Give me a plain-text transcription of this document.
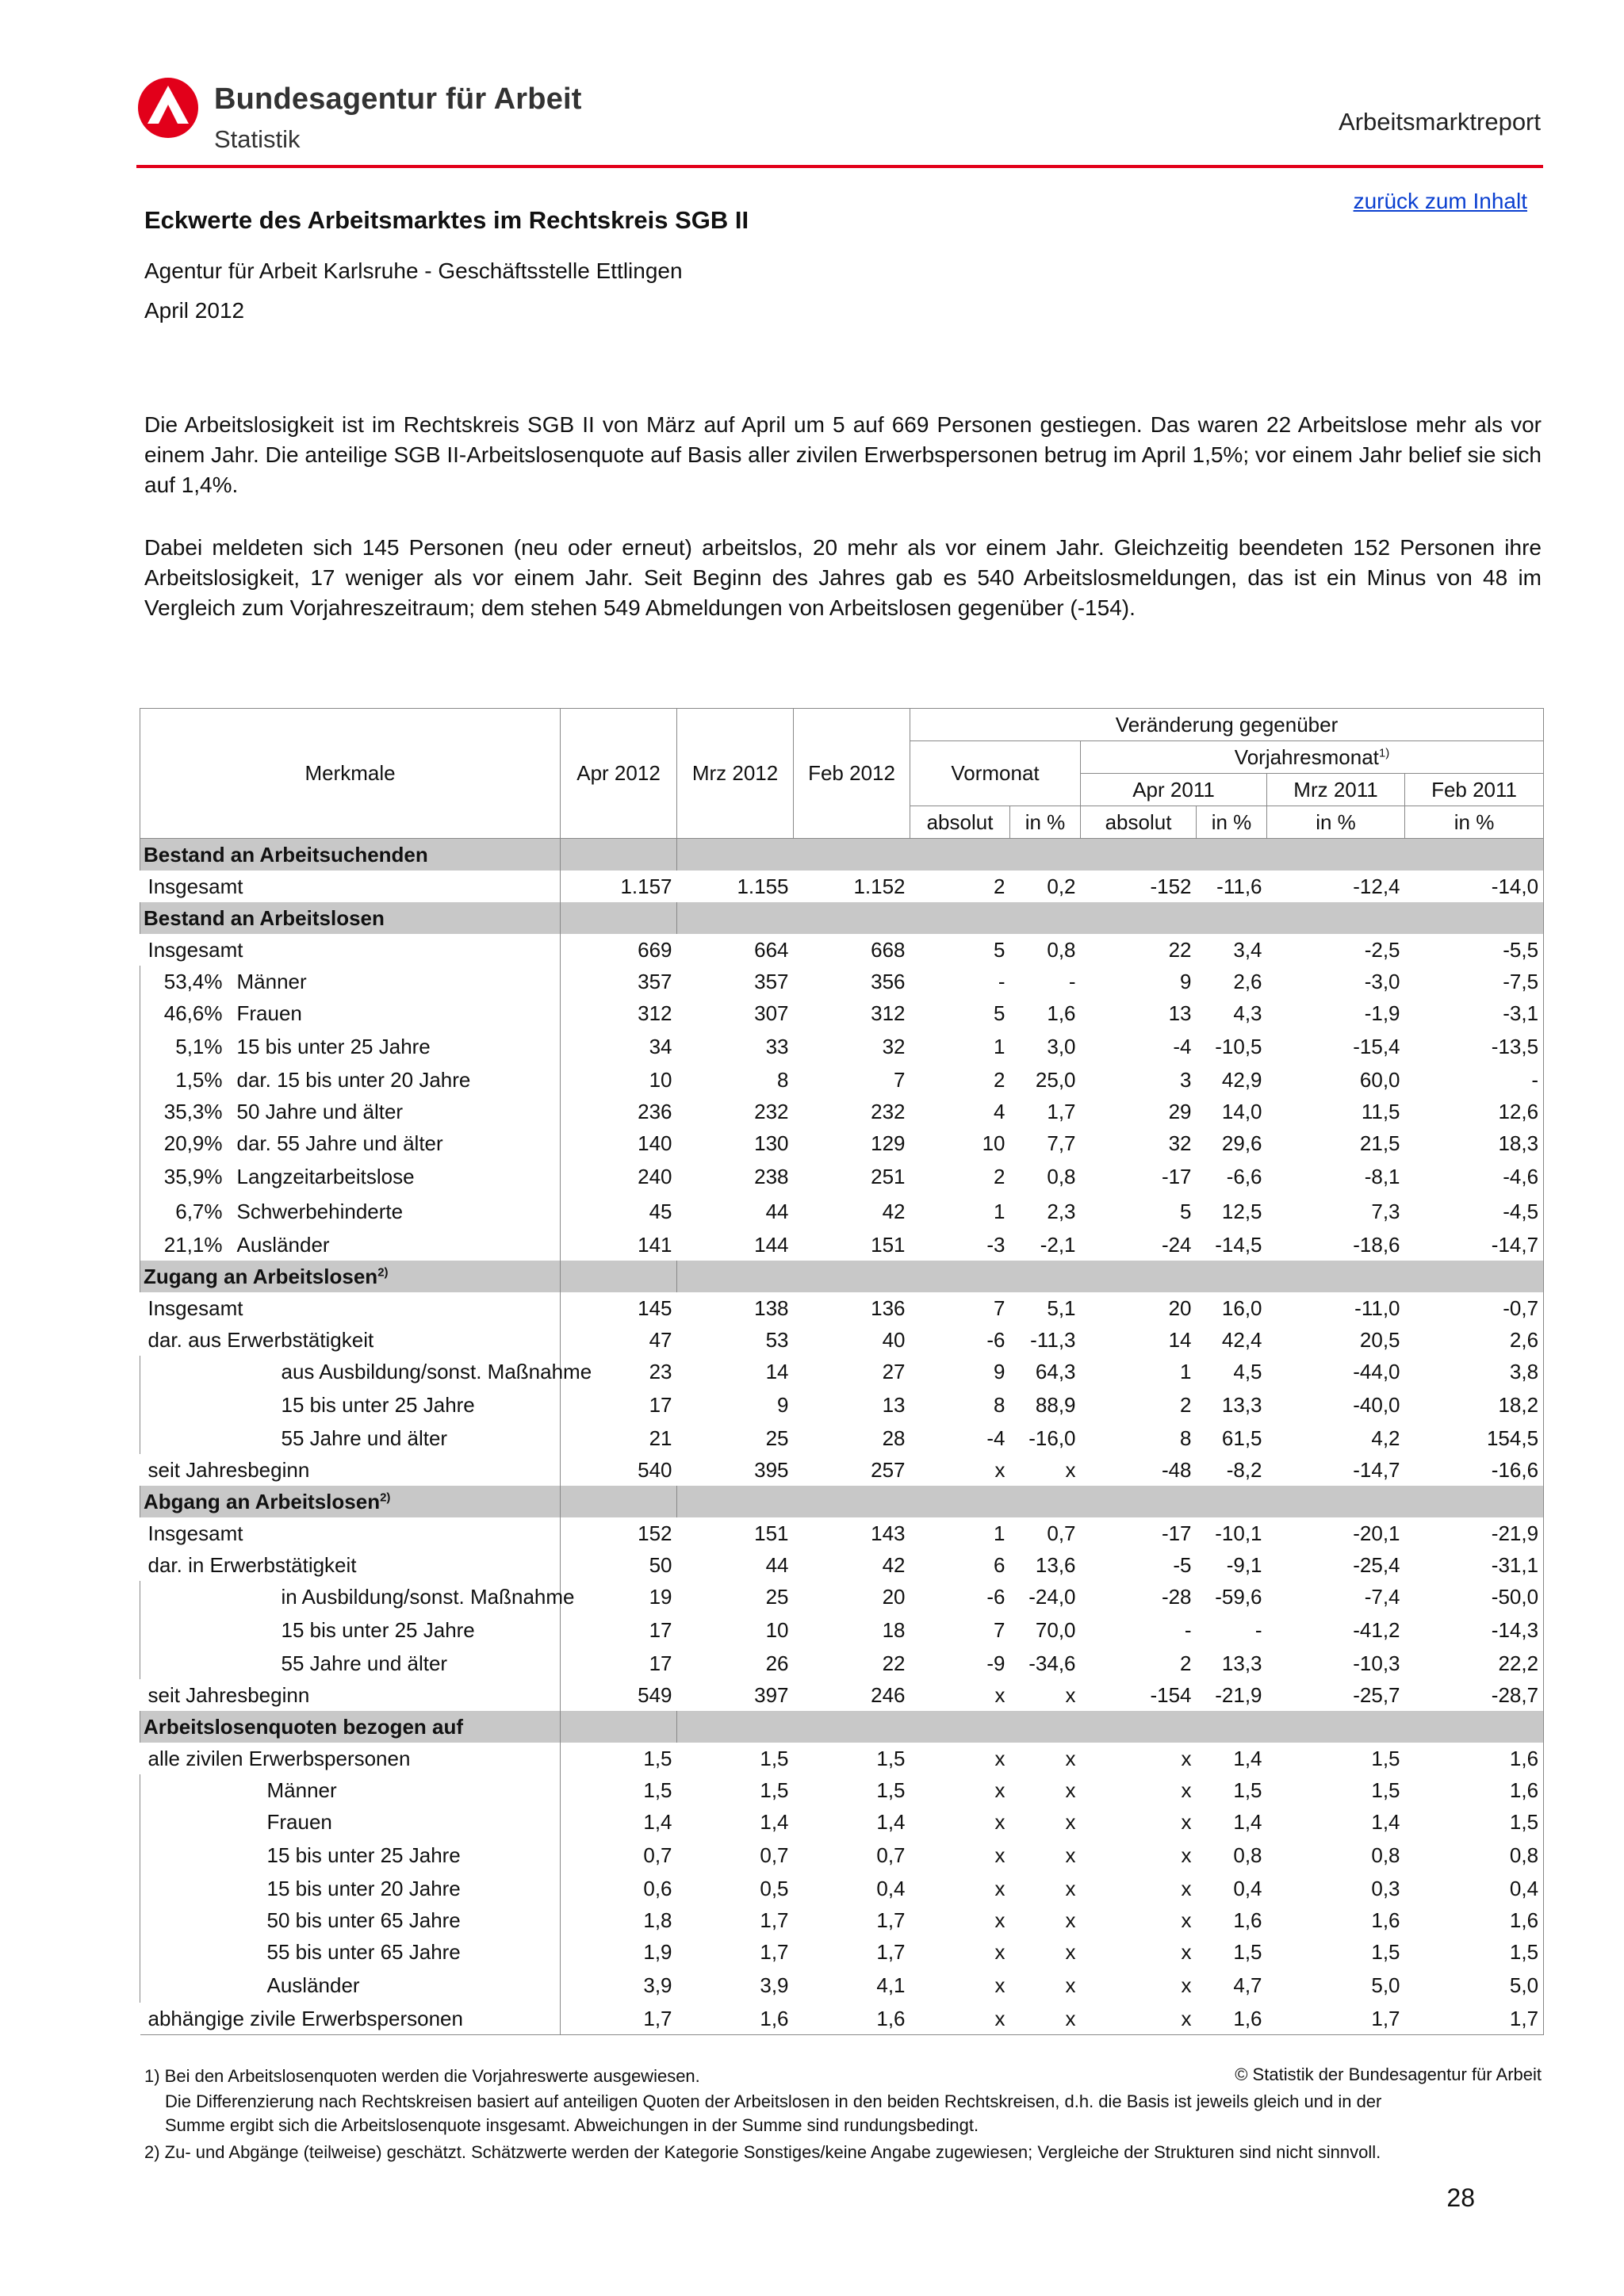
Bundesagentur für Arbeit
Statistik
Arbeitsmarktreport
zurück zum Inhalt
Eckwerte des Arbeitsmarktes im Rechtskreis SGB II
Agentur für Arbeit Karlsruhe - Geschäftsstelle Ettlingen
April 2012
Die Arbeitslosigkeit ist im Rechtskreis SGB II von März auf April um 5 auf 669 Personen gestiegen. Das waren 22 Arbeitslose mehr als vor einem Jahr. Die anteilige SGB II-Arbeitslosenquote auf Basis aller zivilen Erwerbspersonen betrug im April 1,5%; vor einem Jahr belief sie sich auf 1,4%.
Dabei meldeten sich 145 Personen (neu oder erneut) arbeitslos, 20 mehr als vor einem Jahr. Gleichzeitig beendeten 152 Personen ihre Arbeitslosigkeit, 17 weniger als vor einem Jahr. Seit Beginn des Jahres gab es 540 Arbeitslosmeldungen, das ist ein Minus von 48 im Vergleich zum Vorjahreszeitraum; dem stehen 549 Abmeldungen von Arbeitslosen gegenüber (-154).
Merkmale		Apr 2012	Mrz 2012	Feb 2012	Veränderung gegenüber					
					Vormonat		Vorjahresmonat$^{1)}$
							Apr 2011		Mrz 2011	Feb 2011
					absolut	in %	absolut	in %	in %	in %
Bestand an Arbeitsuchenden										
Insgesamt		1.157	1.155	1.152	2	0,2	-152	-11,6	-12,4	-14,0
Bestand an Arbeitslosen										
Insgesamt		669	664	668	5	0,8	22	3,4	-2,5	-5,5
53,4%	Männer	357	357	356	-	-	9	2,6	-3,0	-7,5
46,6%	Frauen	312	307	312	5	1,6	13	4,3	-1,9	-3,1
5,1%	15 bis unter 25 Jahre	34	33	32	1	3,0	-4	-10,5	-15,4	-13,5
1,5%	dar. 15 bis unter 20 Jahre	10	8	7	2	25,0	3	42,9	60,0	-
35,3%	50 Jahre und älter	236	232	232	4	1,7	29	14,0	11,5	12,6
20,9%	dar. 55 Jahre und älter	140	130	129	10	7,7	32	29,6	21,5	18,3
35,9%	Langzeitarbeitslose	240	238	251	2	0,8	-17	-6,6	-8,1	-4,6
6,7%	Schwerbehinderte	45	44	42	1	2,3	5	12,5	7,3	-4,5
21,1%	Ausländer	141	144	151	-3	-2,1	-24	-14,5	-18,6	-14,7
Zugang an Arbeitslosen$^{2)}$									
Insgesamt		145	138	136	7	5,1	20	16,0	-11,0	-0,7
dar. aus Erwerbstätigkeit		47	53	40	-6	-11,3	14	42,4	20,5	2,6
	aus Ausbildung/sonst. Maßnahme	23	14	27	9	64,3	1	4,5	-44,0	3,8
	15 bis unter 25 Jahre	17	9	13	8	88,9	2	13,3	-40,0	18,2
	55 Jahre und älter	21	25	28	-4	-16,0	8	61,5	4,2	154,5
seit Jahresbeginn		540	395	257	x	x	-48	-8,2	-14,7	-16,6
Abgang an Arbeitslosen$^{2)}$									
Insgesamt		152	151	143	1	0,7	-17	-10,1	-20,1	-21,9
dar. in Erwerbstätigkeit		50	44	42	6	13,6	-5	-9,1	-25,4	-31,1
	in Ausbildung/sonst. Maßnahme	19	25	20	-6	-24,0	-28	-59,6	-7,4	-50,0
	15 bis unter 25 Jahre	17	10	18	7	70,0	-	-	-41,2	-14,3
	55 Jahre und älter	17	26	22	-9	-34,6	2	13,3	-10,3	22,2
seit Jahresbeginn		549	397	246	x	x	-154	-21,9	-25,7	-28,7
Arbeitslosenquoten bezogen auf										
alle zivilen Erwerbspersonen		1,5	1,5	1,5	x	x	x	1,4	1,5	1,6
	Männer	1,5	1,5	1,5	x	x	x	1,5	1,5	1,6
	Frauen	1,4	1,4	1,4	x	x	x	1,4	1,4	1,5
	15 bis unter 25 Jahre	0,7	0,7	0,7	x	x	x	0,8	0,8	0,8
	15 bis unter 20 Jahre	0,6	0,5	0,4	x	x	x	0,4	0,3	0,4
	50 bis unter 65 Jahre	1,8	1,7	1,7	x	x	x	1,6	1,6	1,6
	55 bis unter 65 Jahre	1,9	1,7	1,7	x	x	x	1,5	1,5	1,5
	Ausländer	3,9	3,9	4,1	x	x	x	4,7	5,0	5,0
abhängige zivile Erwerbspersonen		1,7	1,6	1,6	x	x	x	1,6	1,7	1,7
1) Bei den Arbeitslosenquoten werden die Vorjahreswerte ausgewiesen.
Die Differenzierung nach Rechtskreisen basiert auf anteiligen Quoten der Arbeitslosen in den beiden Rechtskreisen, d.h. die Basis ist jeweils gleich und in der
Summe ergibt sich die Arbeitslosenquote insgesamt. Abweichungen in der Summe sind rundungsbedingt.
2) Zu- und Abgänge (teilweise) geschätzt. Schätzwerte werden der Kategorie Sonstiges/keine Angabe zugewiesen; Vergleiche der Strukturen sind nicht sinnvoll.
© Statistik der Bundesagentur für Arbeit
28
